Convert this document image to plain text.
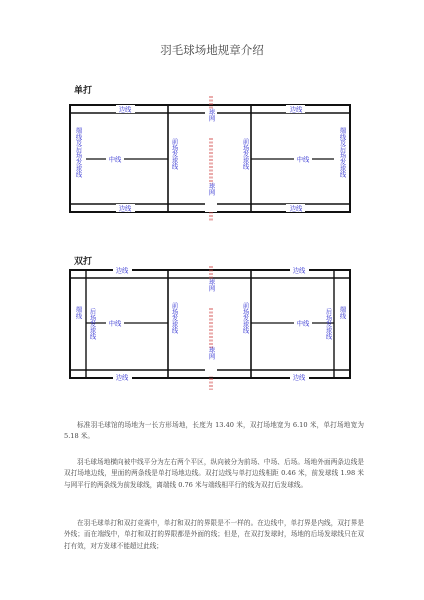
羽毛球场地规章介绍
单打
边线	边线
边线	边线
中线	中线
球网
球网
端线及后场发球线	端线及后场发球线
前场发球线	前场发球线
双打
边线	边线
边线	边线
中线	中线
球网
球网
端线	端线
后场发球线	后场发球线
前场发球线	前场发球线

标准羽毛球馆的场地为一长方形场地，长度为 13.40 米，双打场地宽为 6.10 米，单打场地宽为 5.18 米。

羽毛球场地横向被中线平分为左右两个平区，纵向被分为前场、中场、后场。场地外面两条边线是双打场地边线，里面的两条线是单打场地边线。双打边线与单打边线相距 0.46 米，前发球线 1.98 米与网平行的两条线为前发球线，离端线 0.76 米与端线相平行的线为双打后发球线。

在羽毛球单打和双打竞赛中，单打和双打的界限是不一样的。在边线中，单打界是内线，双打界是外线；而在端线中，单打和双打的界限都是外面的线；但是，在双打发球时，场地的后场发球线只在双打有效，对方发球不能超过此线；
